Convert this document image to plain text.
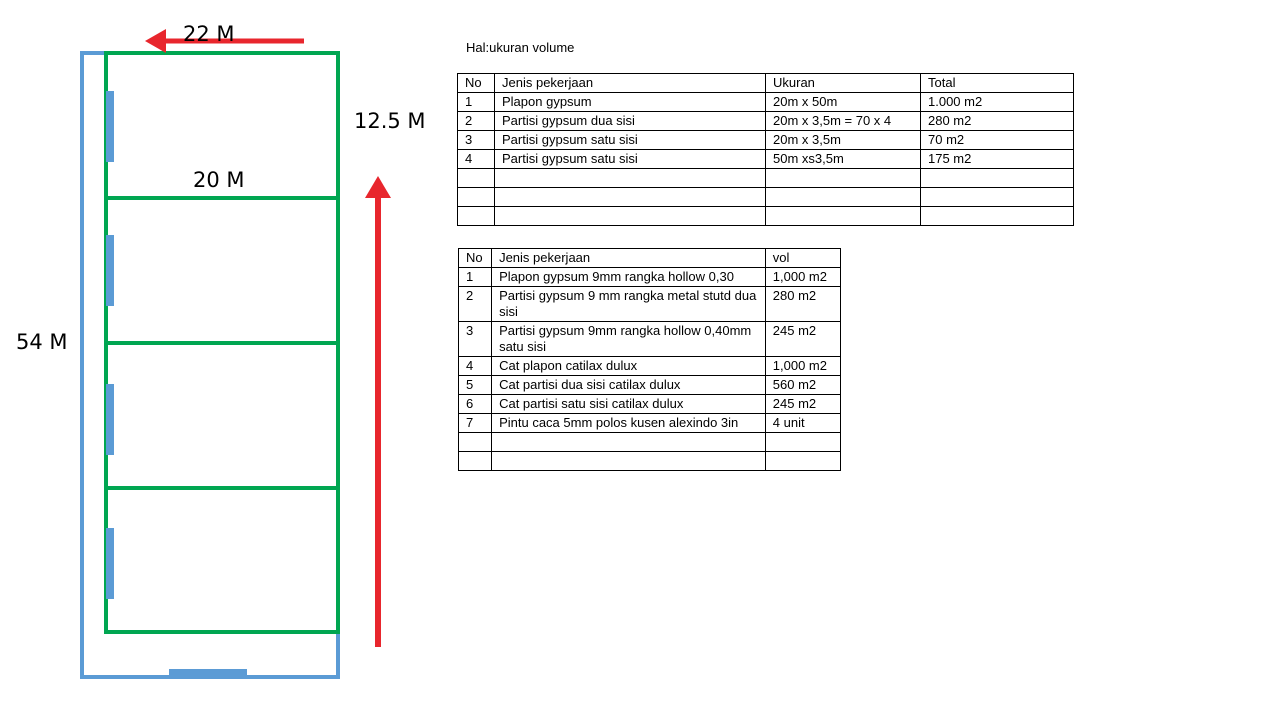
22 M
12.5 M
20 M
54 M
Hal:ukuran volume
No	Jenis pekerjaan	Ukuran	Total
1	Plapon gypsum	20m x 50m	1.000 m2
2	Partisi gypsum dua sisi	20m x 3,5m = 70 x 4	280 m2
3	Partisi gypsum satu sisi	20m x 3,5m	70 m2
4	Partisi gypsum satu sisi	50m xs3,5m	175 m2

No	Jenis pekerjaan	vol
1	Plapon gypsum 9mm rangka hollow 0,30	1,000 m2
2	Partisi gypsum 9 mm rangka metal stutd dua sisi	280 m2
3	Partisi gypsum 9mm rangka hollow 0,40mm satu sisi	245 m2
4	Cat plapon catilax dulux	1,000 m2
5	Cat partisi dua sisi catilax dulux	560 m2
6	Cat partisi satu sisi catilax dulux	245 m2
7	Pintu caca 5mm polos kusen alexindo 3in	4 unit
